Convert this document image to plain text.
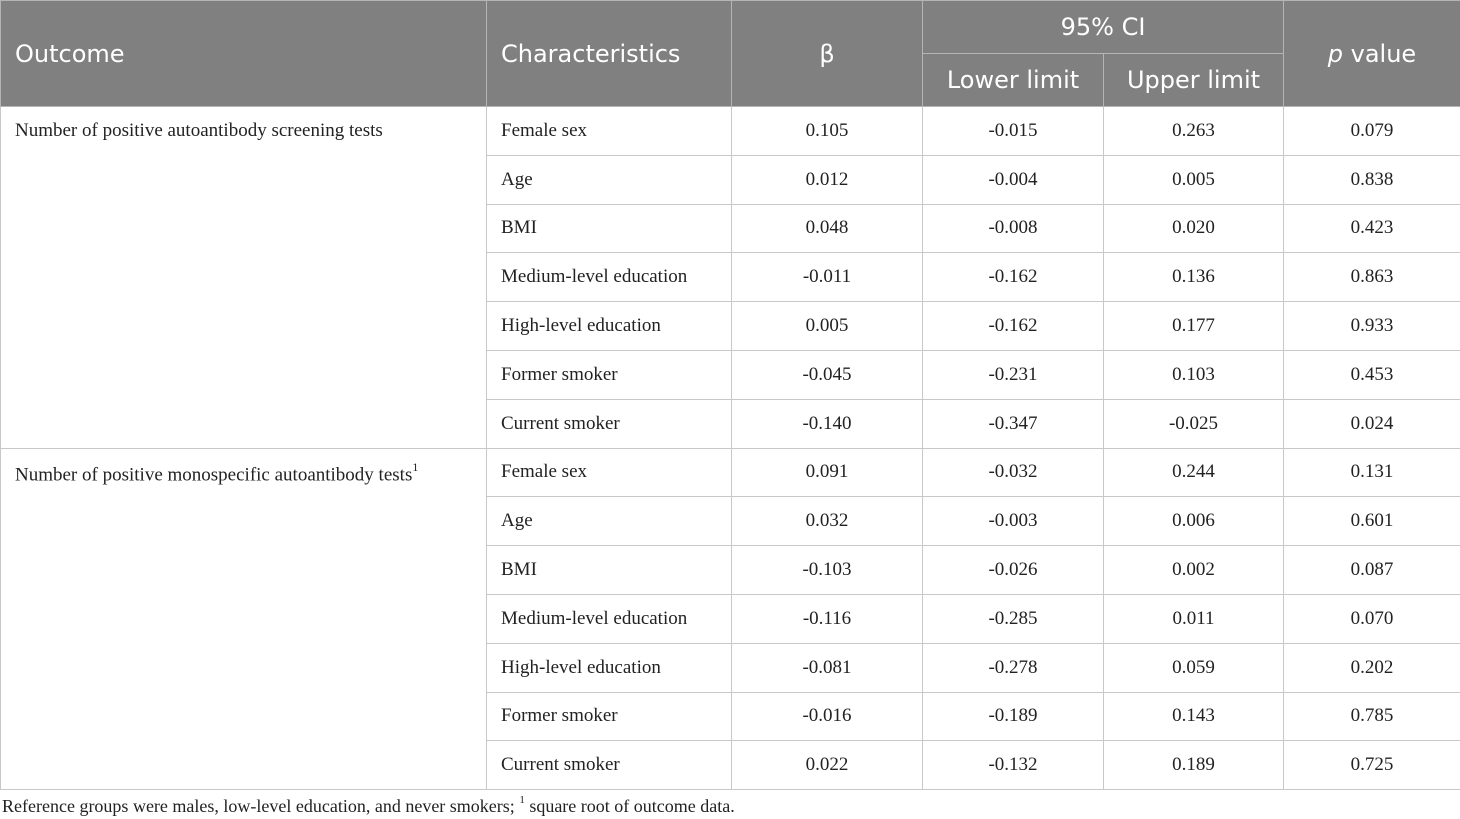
Outcome	Characteristics	β	95% CI		p value
			Lower limit	Upper limit	
Number of positive autoantibody screening tests	Female sex	0.105	-0.015	0.263	0.079
	Age	0.012	-0.004	0.005	0.838
	BMI	0.048	-0.008	0.020	0.423
	Medium-level education	-0.011	-0.162	0.136	0.863
	High-level education	0.005	-0.162	0.177	0.933
	Former smoker	-0.045	-0.231	0.103	0.453
	Current smoker	-0.140	-0.347	-0.025	0.024
Number of positive monospecific autoantibody tests$^1$	Female sex	0.091	-0.032	0.244	0.131
	Age	0.032	-0.003	0.006	0.601
	BMI	-0.103	-0.026	0.002	0.087
	Medium-level education	-0.116	-0.285	0.011	0.070
	High-level education	-0.081	-0.278	0.059	0.202
	Former smoker	-0.016	-0.189	0.143	0.785
	Current smoker	0.022	-0.132	0.189	0.725
Reference groups were males, low-level education, and never smokers; $^1$ square root of outcome data.
